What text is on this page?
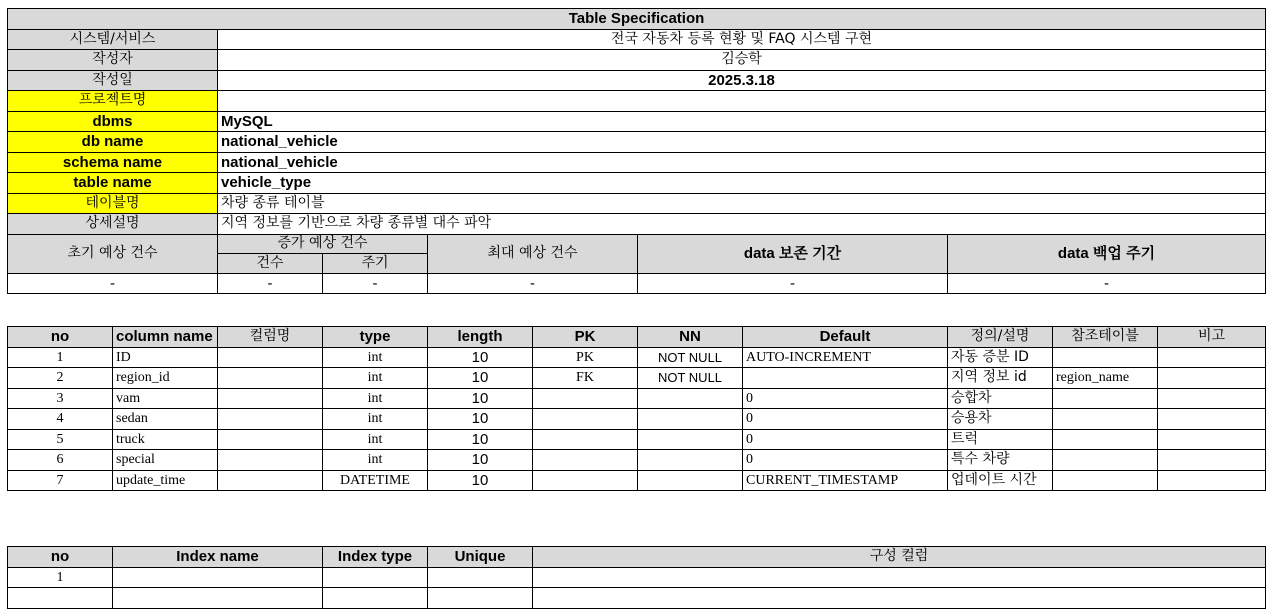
Table Specification					
시스템/서비스	전국 자동차 등록 현황 및 FAQ 시스템 구현				
작성자	김승학				
작성일	2025.3.18				
프로젝트명					
dbms	MySQL				
db name	national_vehicle				
schema name	national_vehicle				
table name	vehicle_type				
테이블명	차량 종류 테이블				
상세설명	지역 정보를 기반으로 차량 종류별 대수 파악				
초기 예상 건수	증가 예상 건수		최대 예상 건수	data 보존 기간	data 백업 주기
	건수	주기			
-	-	-	-	-	-
no	column name	컬럼명	type	length	PK	NN	Default	정의/설명	참조테이블	비고
1	ID		int	10	PK	NOT NULL	AUTO-INCREMENT	자동 증분 ID		
2	region_id		int	10	FK	NOT NULL		지역 정보 id	region_name	
3	vam		int	10			0	승합차		
4	sedan		int	10			0	승용차		
5	truck		int	10			0	트럭		
6	special		int	10			0	특수 차량		
7	update_time		DATETIME	10			CURRENT_TIMESTAMP	업데이트 시간		
no	Index name	Index type	Unique	구성 컬럼
1				
